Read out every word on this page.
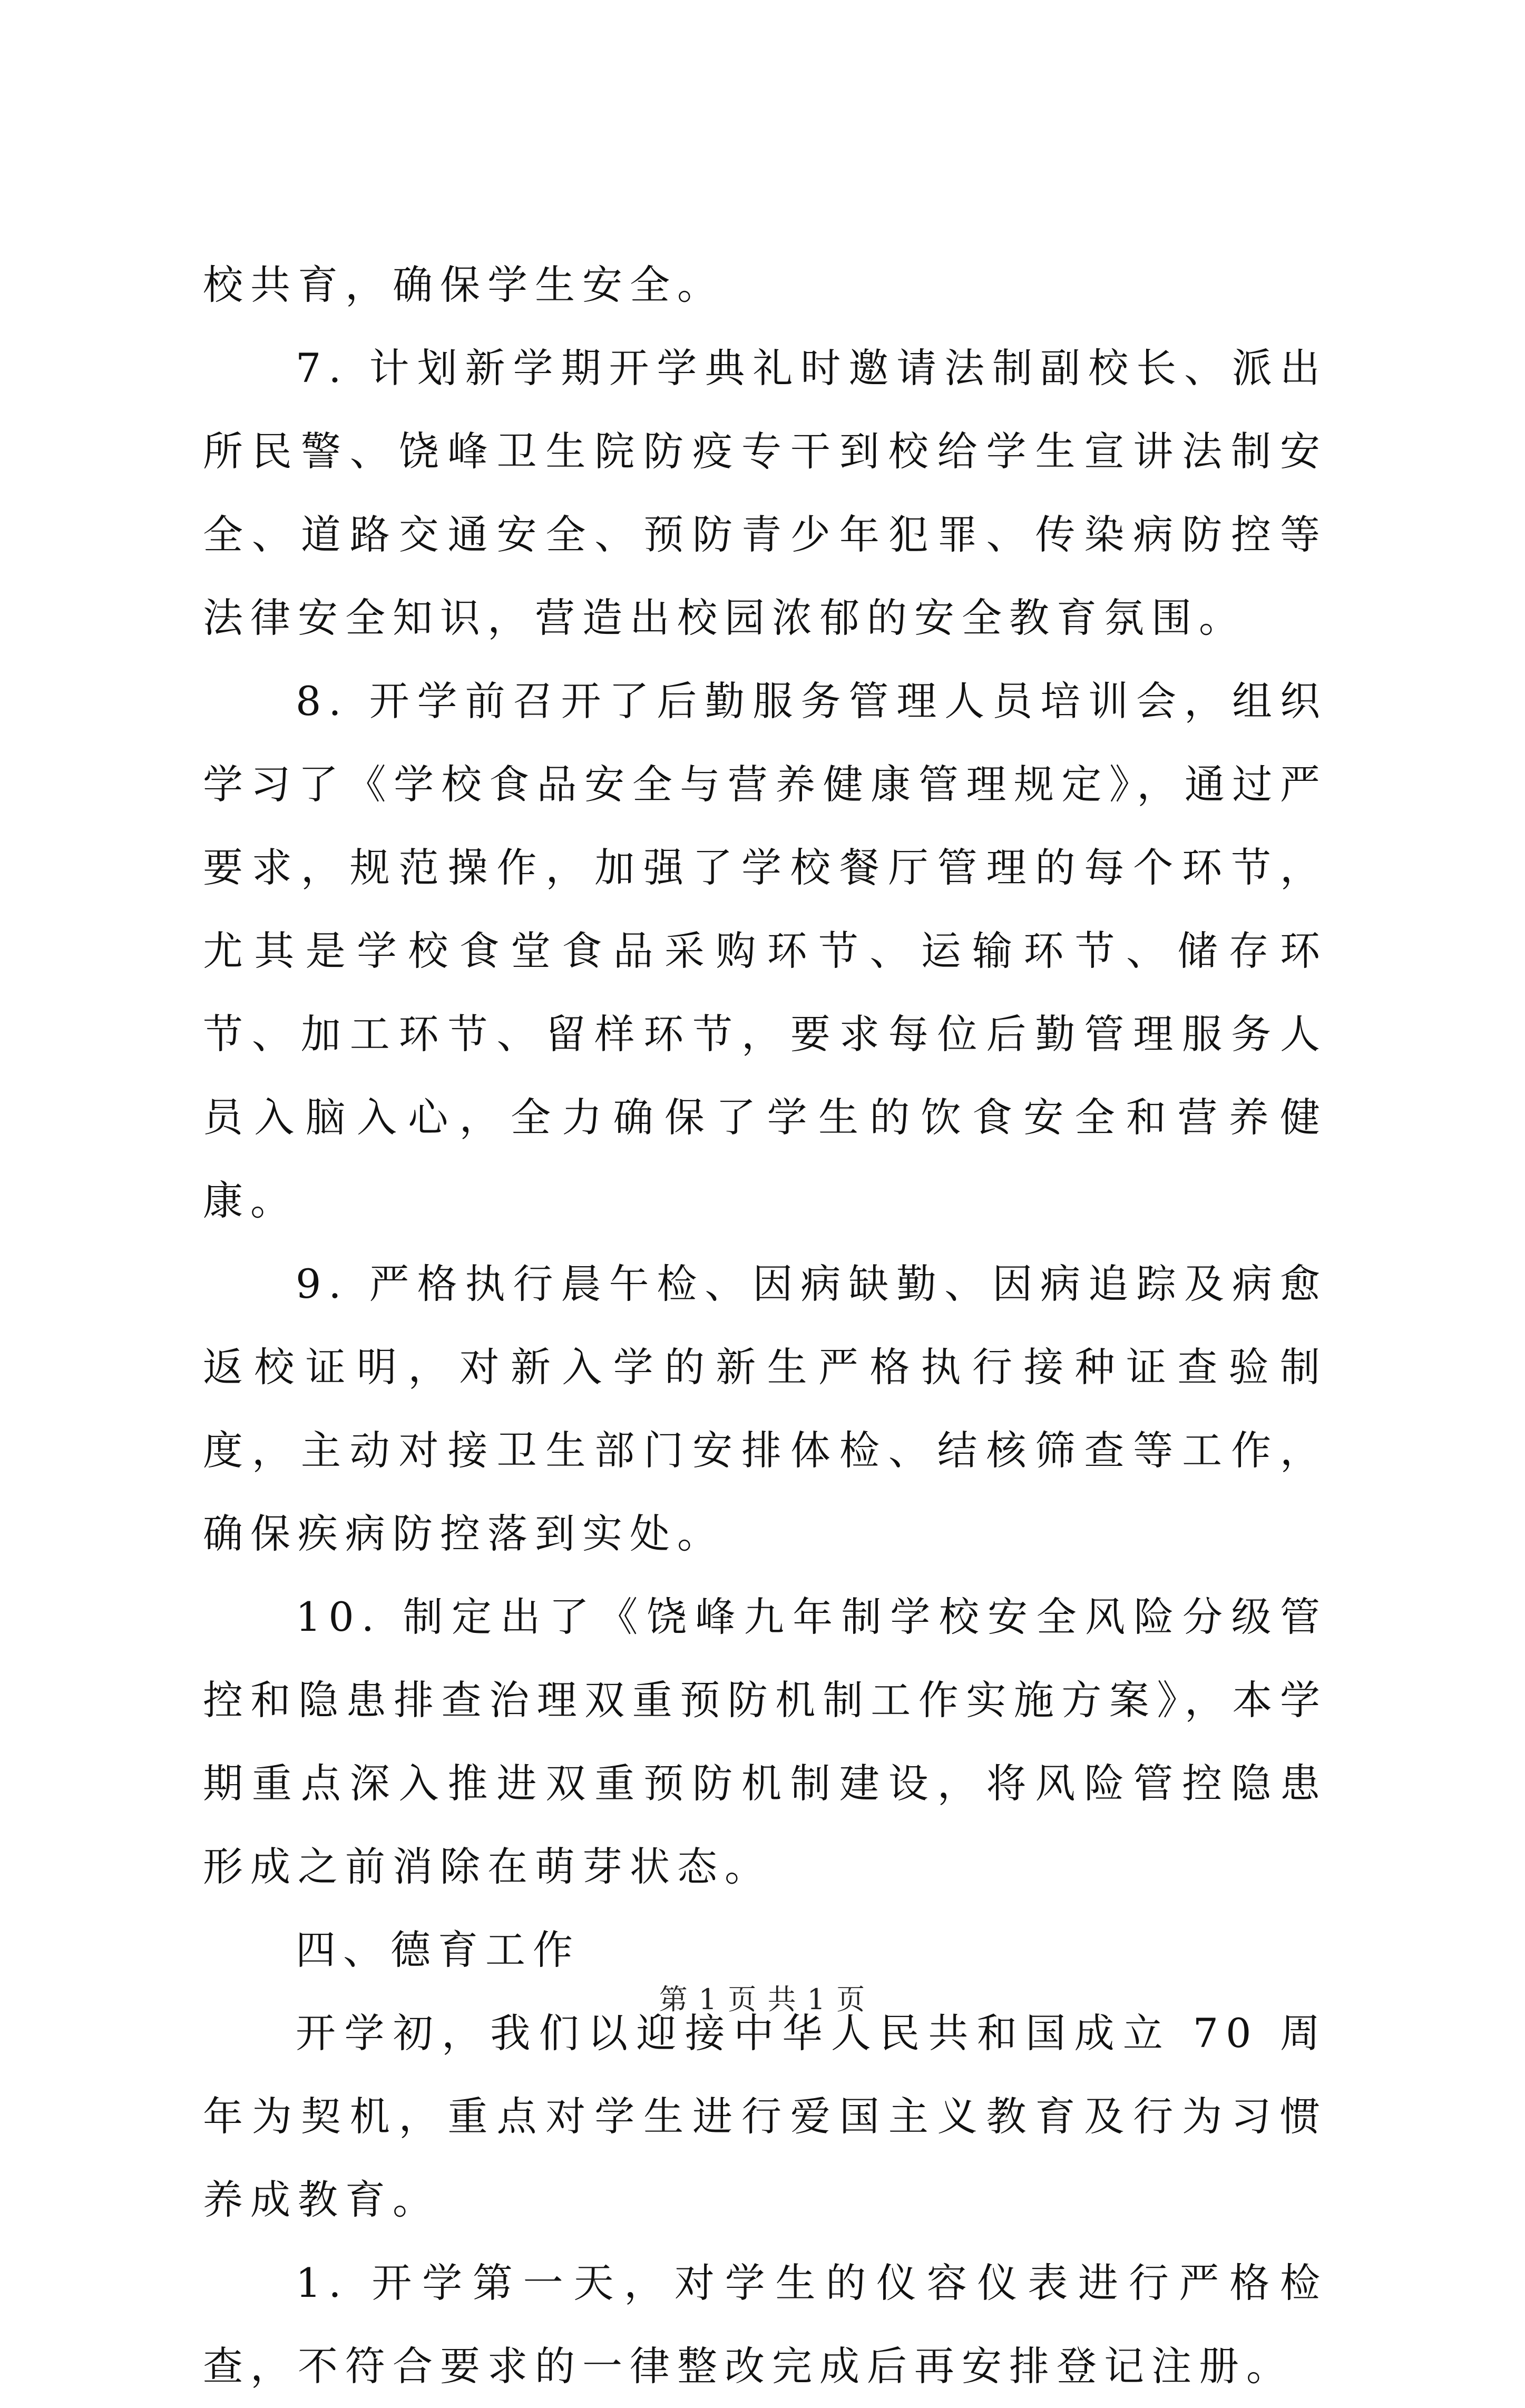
校共育，确保学生安全。

7. 计划新学期开学典礼时邀请法制副校长、派出所民警、饶峰卫生院防疫专干到校给学生宣讲法制安全、道路交通安全、预防青少年犯罪、传染病防控等法律安全知识，营造出校园浓郁的安全教育氛围。

8. 开学前召开了后勤服务管理人员培训会，组织学习了《学校食品安全与营养健康管理规定》，通过严要求，规范操作，加强了学校餐厅管理的每个环节，尤其是学校食堂食品采购环节、运输环节、储存环节、加工环节、留样环节，要求每位后勤管理服务人员入脑入心，全力确保了学生的饮食安全和营养健康。

9. 严格执行晨午检、因病缺勤、因病追踪及病愈返校证明，对新入学的新生严格执行接种证查验制度，主动对接卫生部门安排体检、结核筛查等工作，确保疾病防控落到实处。

10. 制定出了《饶峰九年制学校安全风险分级管控和隐患排查治理双重预防机制工作实施方案》，本学期重点深入推进双重预防机制建设，将风险管控隐患形成之前消除在萌芽状态。

四、德育工作

开学初，我们以迎接中华人民共和国成立 70 周年为契机，重点对学生进行爱国主义教育及行为习惯养成教育。

1. 开学第一天，对学生的仪容仪表进行严格检查，不符合要求的一律整改完成后再安排登记注册。

第 1 页 共 1 页
